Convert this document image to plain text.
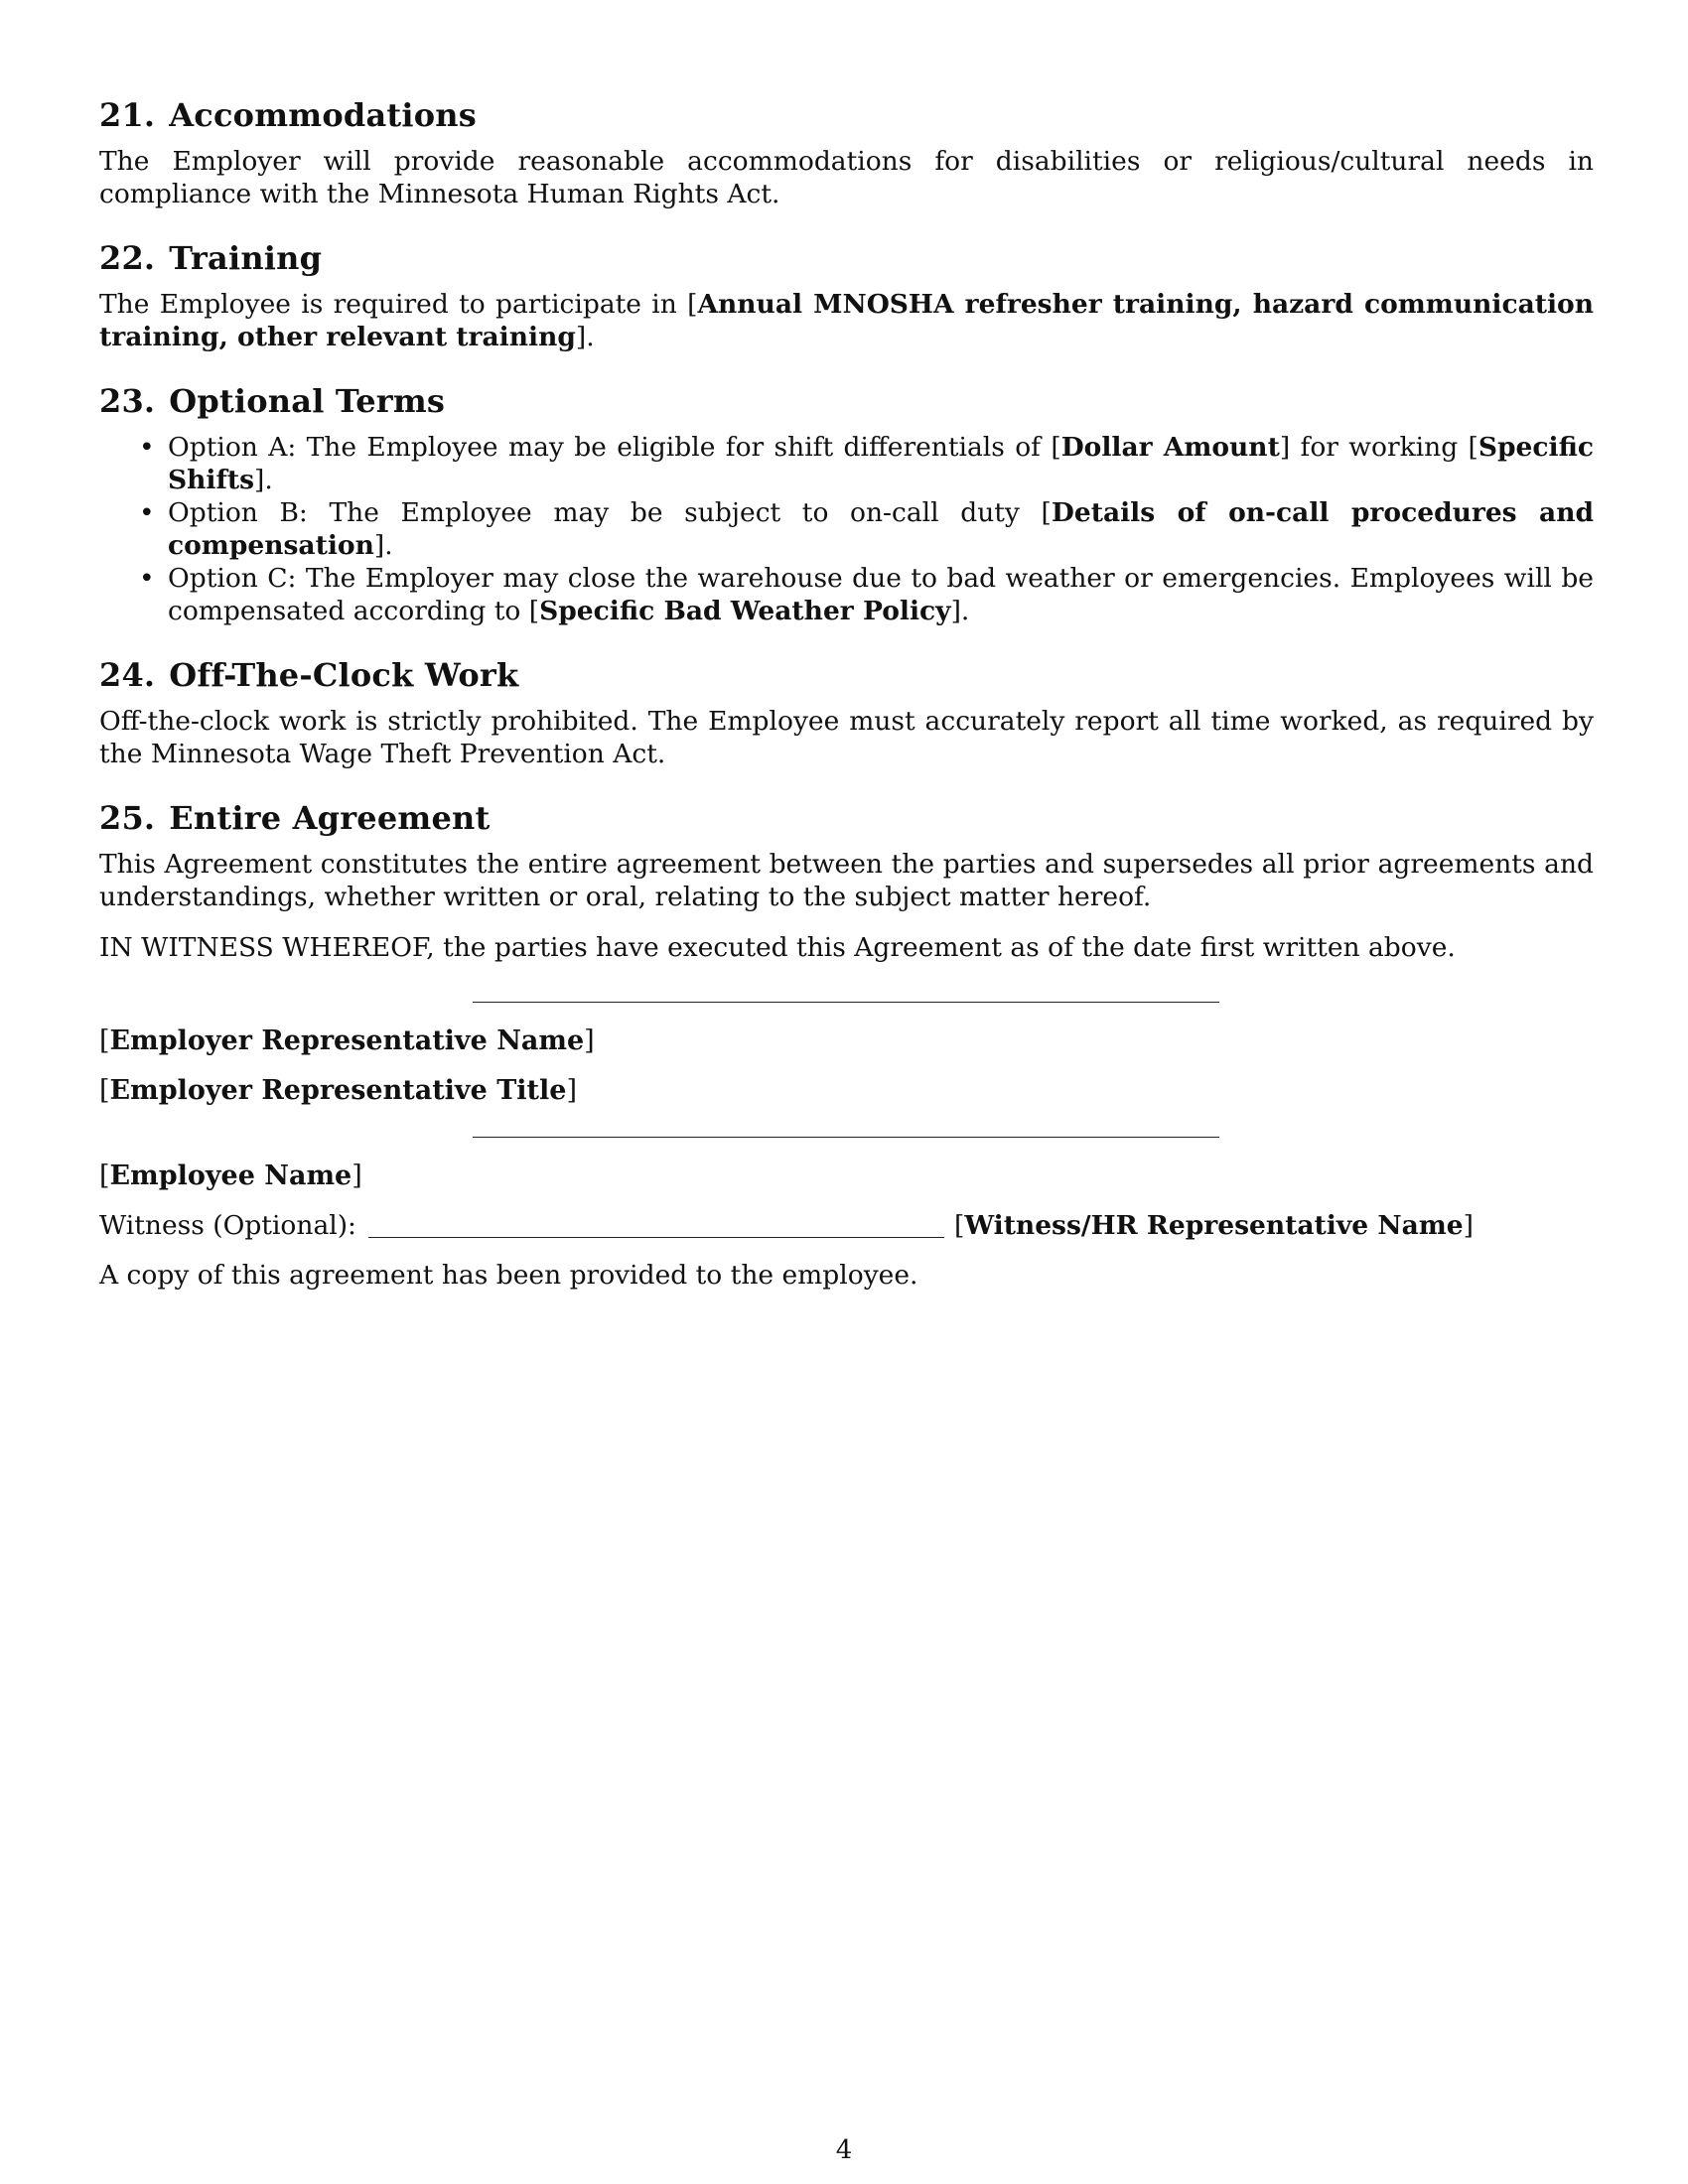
21. Accommodations

The Employer will provide reasonable accommodations for disabilities or religious/cultural needs in compliance with the Minnesota Human Rights Act.

22. Training

The Employee is required to participate in [Annual MNOSHA refresher training, hazard communication training, other relevant training].

23. Optional Terms
• Option A: The Employee may be eligible for shift differentials of [Dollar Amount] for working [Specific Shifts].
• Option B: The Employee may be subject to on-call duty [Details of on-call procedures and compensation].
• Option C: The Employer may close the warehouse due to bad weather or emergencies. Employees will be compensated according to [Specific Bad Weather Policy].
24. Off-The-Clock Work

Off-the-clock work is strictly prohibited. The Employee must accurately report all time worked, as required by the Minnesota Wage Theft Prevention Act.

25. Entire Agreement

This Agreement constitutes the entire agreement between the parties and supersedes all prior agreements and understandings, whether written or oral, relating to the subject matter hereof.

IN WITNESS WHEREOF, the parties have executed this Agreement as of the date first written above.

[Employer Representative Name]

[Employer Representative Title]

[Employee Name]

Witness (Optional):	[Witness/HR Representative Name]

A copy of this agreement has been provided to the employee.

4
